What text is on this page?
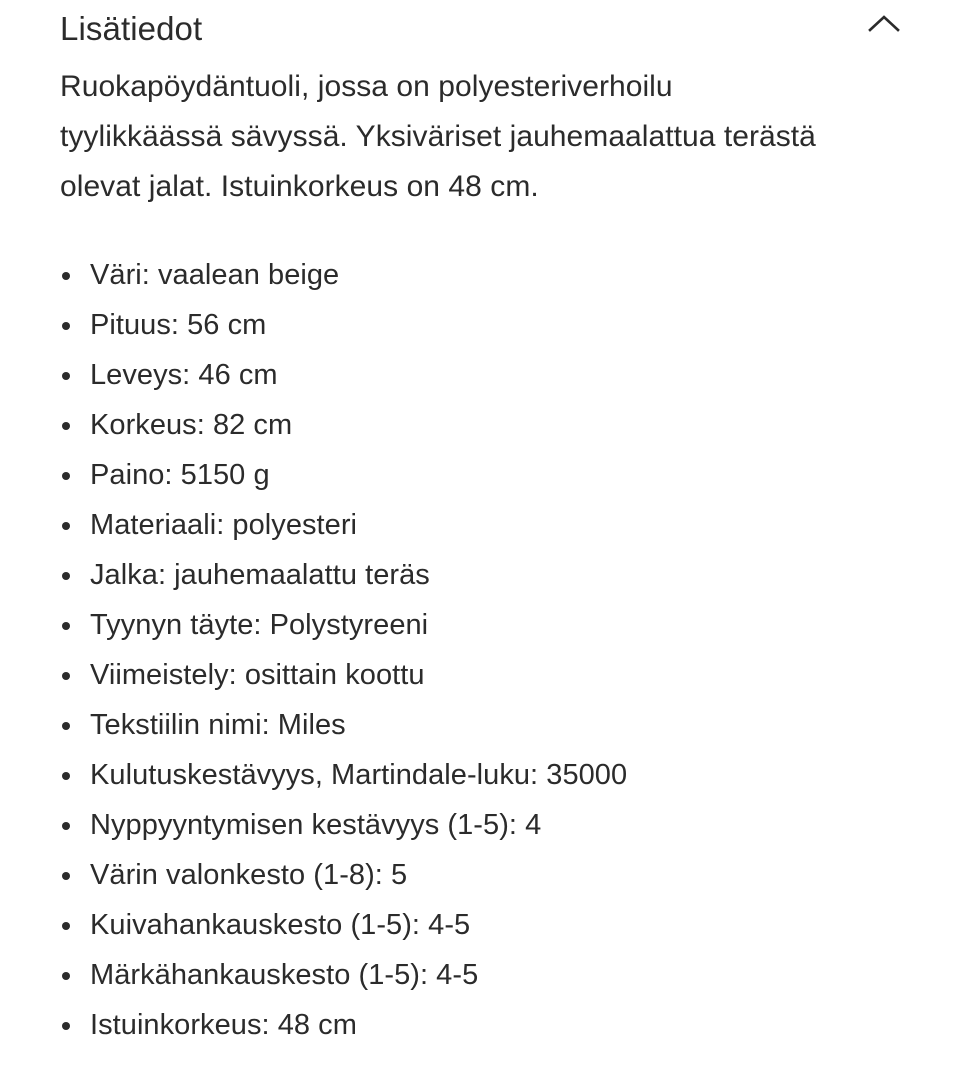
Lisätiedot

Ruokapöydäntuoli, jossa on polyesteriverhoilu tyylikkäässä sävyssä. Yksiväriset jauhemaalattua terästä olevat jalat. Istuinkorkeus on 48 cm.

Väri: vaalean beige
Pituus: 56 cm
Leveys: 46 cm
Korkeus: 82 cm
Paino: 5150 g
Materiaali: polyesteri
Jalka: jauhemaalattu teräs
Tyynyn täyte: Polystyreeni
Viimeistely: osittain koottu
Tekstiilin nimi: Miles
Kulutuskestävyys, Martindale-luku: 35000
Nyppyyntymisen kestävyys (1-5): 4
Värin valonkesto (1-8): 5
Kuivahankauskesto (1-5): 4-5
Märkähankauskesto (1-5): 4-5
Istuinkorkeus: 48 cm
